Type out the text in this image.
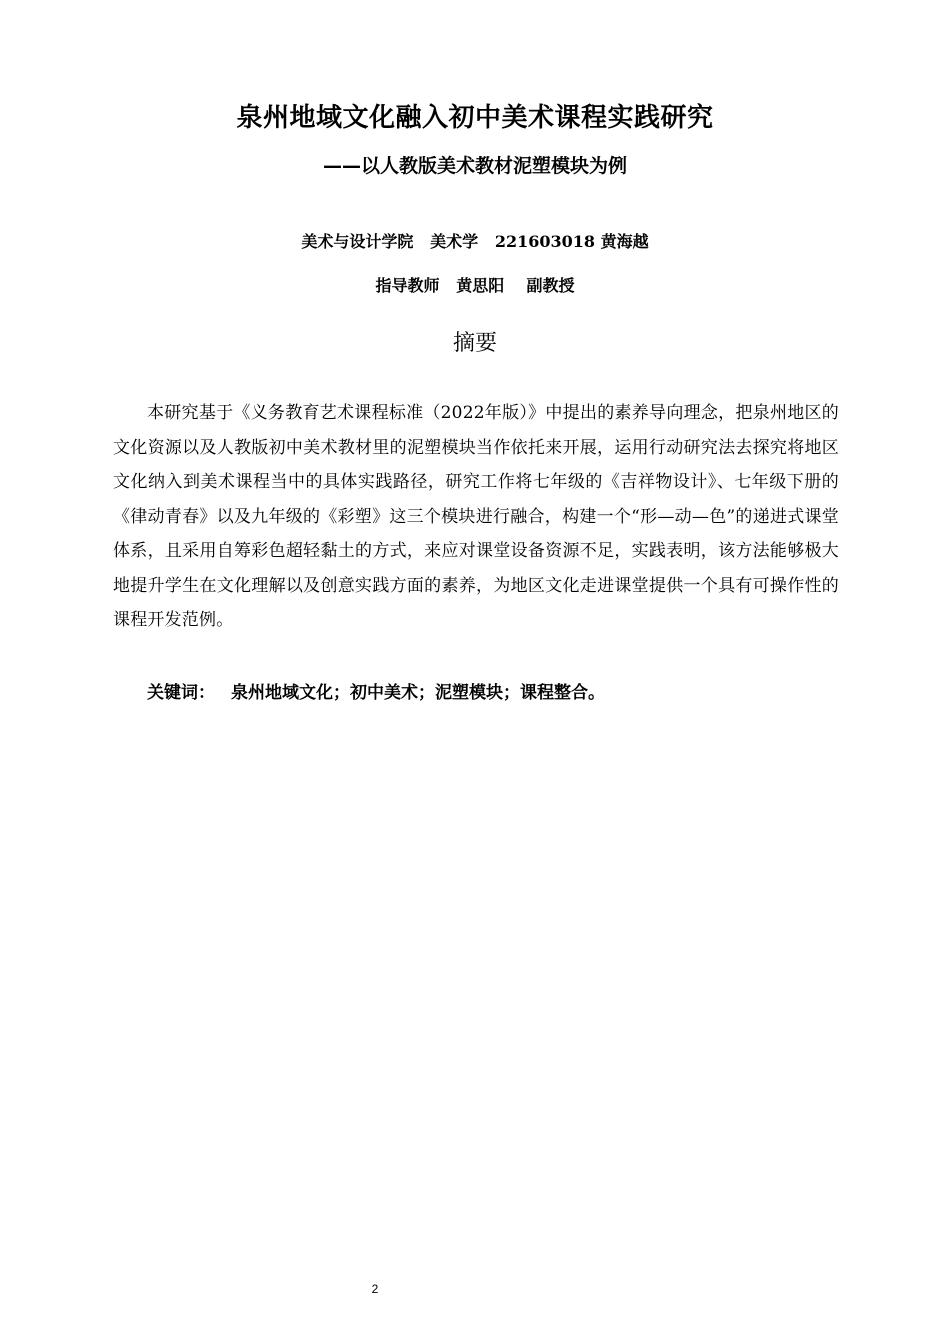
泉州地域文化融入初中美术课程实践研究
——以人教版美术教材泥塑模块为例
美术与设计学院   美术学   221603018 黄海越
指导教师   黄思阳    副教授
摘要
本研究基于《义务教育艺术课程标准（2022年版）》中提出的素养导向理念，把泉州地区的文化资源以及人教版初中美术教材里的泥塑模块当作依托来开展，运用行动研究法去探究将地区文化纳入到美术课程当中的具体实践路径，研究工作将七年级的《吉祥物设计》、七年级下册的《律动青春》以及九年级的《彩塑》这三个模块进行融合，构建一个“形—动—色”的递进式课堂体系，且采用自筹彩色超轻黏土的方式，来应对课堂设备资源不足，实践表明，该方法能够极大地提升学生在文化理解以及创意实践方面的素养，为地区文化走进课堂提供一个具有可操作性的课程开发范例。
关键词： 泉州地域文化；初中美术；泥塑模块；课程整合。
2
